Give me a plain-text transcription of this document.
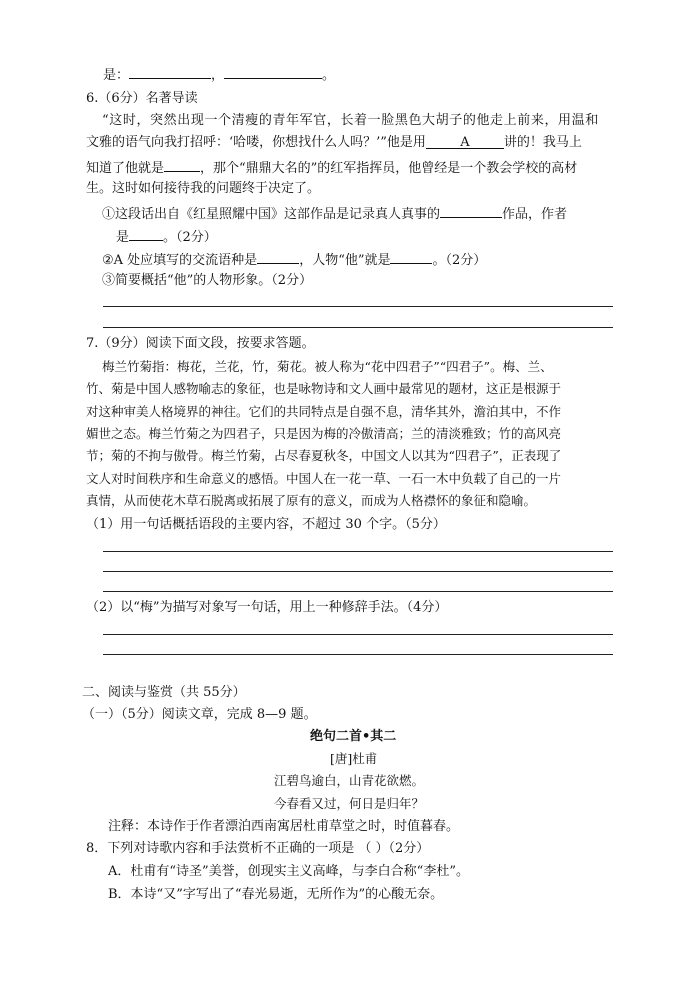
是：	，	。
6.（6分）名著导读
“这时，突然出现一个清瘦的青年军官，长着一脸黑色大胡子的他走上前来，用温和
文雅的语气向我打招呼：‘哈喽，你想找什么人吗？’”他是用	A	讲的！我马上
知道了他就是	，那个“鼎鼎大名的”的红军指挥员，他曾经是一个教会学校的高材
生。这时如何接待我的问题终于决定了。
①这段话出自《红星照耀中国》这部作品是记录真人真事的	作品，作者
是	。（2分）
②A 处应填写的交流语种是	，人物“他”就是	。（2分）
③简要概括“他”的人物形象。（2分）
7.（9分）阅读下面文段，按要求答题。
梅兰竹菊指：梅花，兰花，竹，菊花。被人称为“花中四君子”“四君子”。梅、兰、
竹、菊是中国人感物喻志的象征，也是咏物诗和文人画中最常见的题材，这正是根源于
对这种审美人格境界的神往。它们的共同特点是自强不息，清华其外，澹泊其中，不作
媚世之态。梅兰竹菊之为四君子，只是因为梅的冷傲清高；兰的清淡雅致；竹的高风亮
节；菊的不拘与傲骨。梅兰竹菊，占尽春夏秋冬，中国文人以其为“四君子”，正表现了
文人对时间秩序和生命意义的感悟。中国人在一花一草、一石一木中负载了自己的一片
真情，从而使花木草石脱离或拓展了原有的意义，而成为人格襟怀的象征和隐喻。
（1）用一句话概括语段的主要内容，不超过 30 个字。（5分）
（2）以“梅”为描写对象写一句话，用上一种修辞手法。（4分）
二、阅读与鉴赏（共 55分）
（一）（5分）阅读文章，完成 8—9 题。
绝句二首•其二
[唐]杜甫
江碧鸟逾白，山青花欲燃。
今春看又过，何日是归年？
注释：本诗作于作者漂泊西南寓居杜甫草堂之时，时值暮春。
8．下列对诗歌内容和手法赏析不正确的一项是 （ ）（2分）
A．杜甫有“诗圣”美誉，创现实主义高峰，与李白合称“李杜”。
B．本诗“又”字写出了“春光易逝，无所作为”的心酸无奈。
